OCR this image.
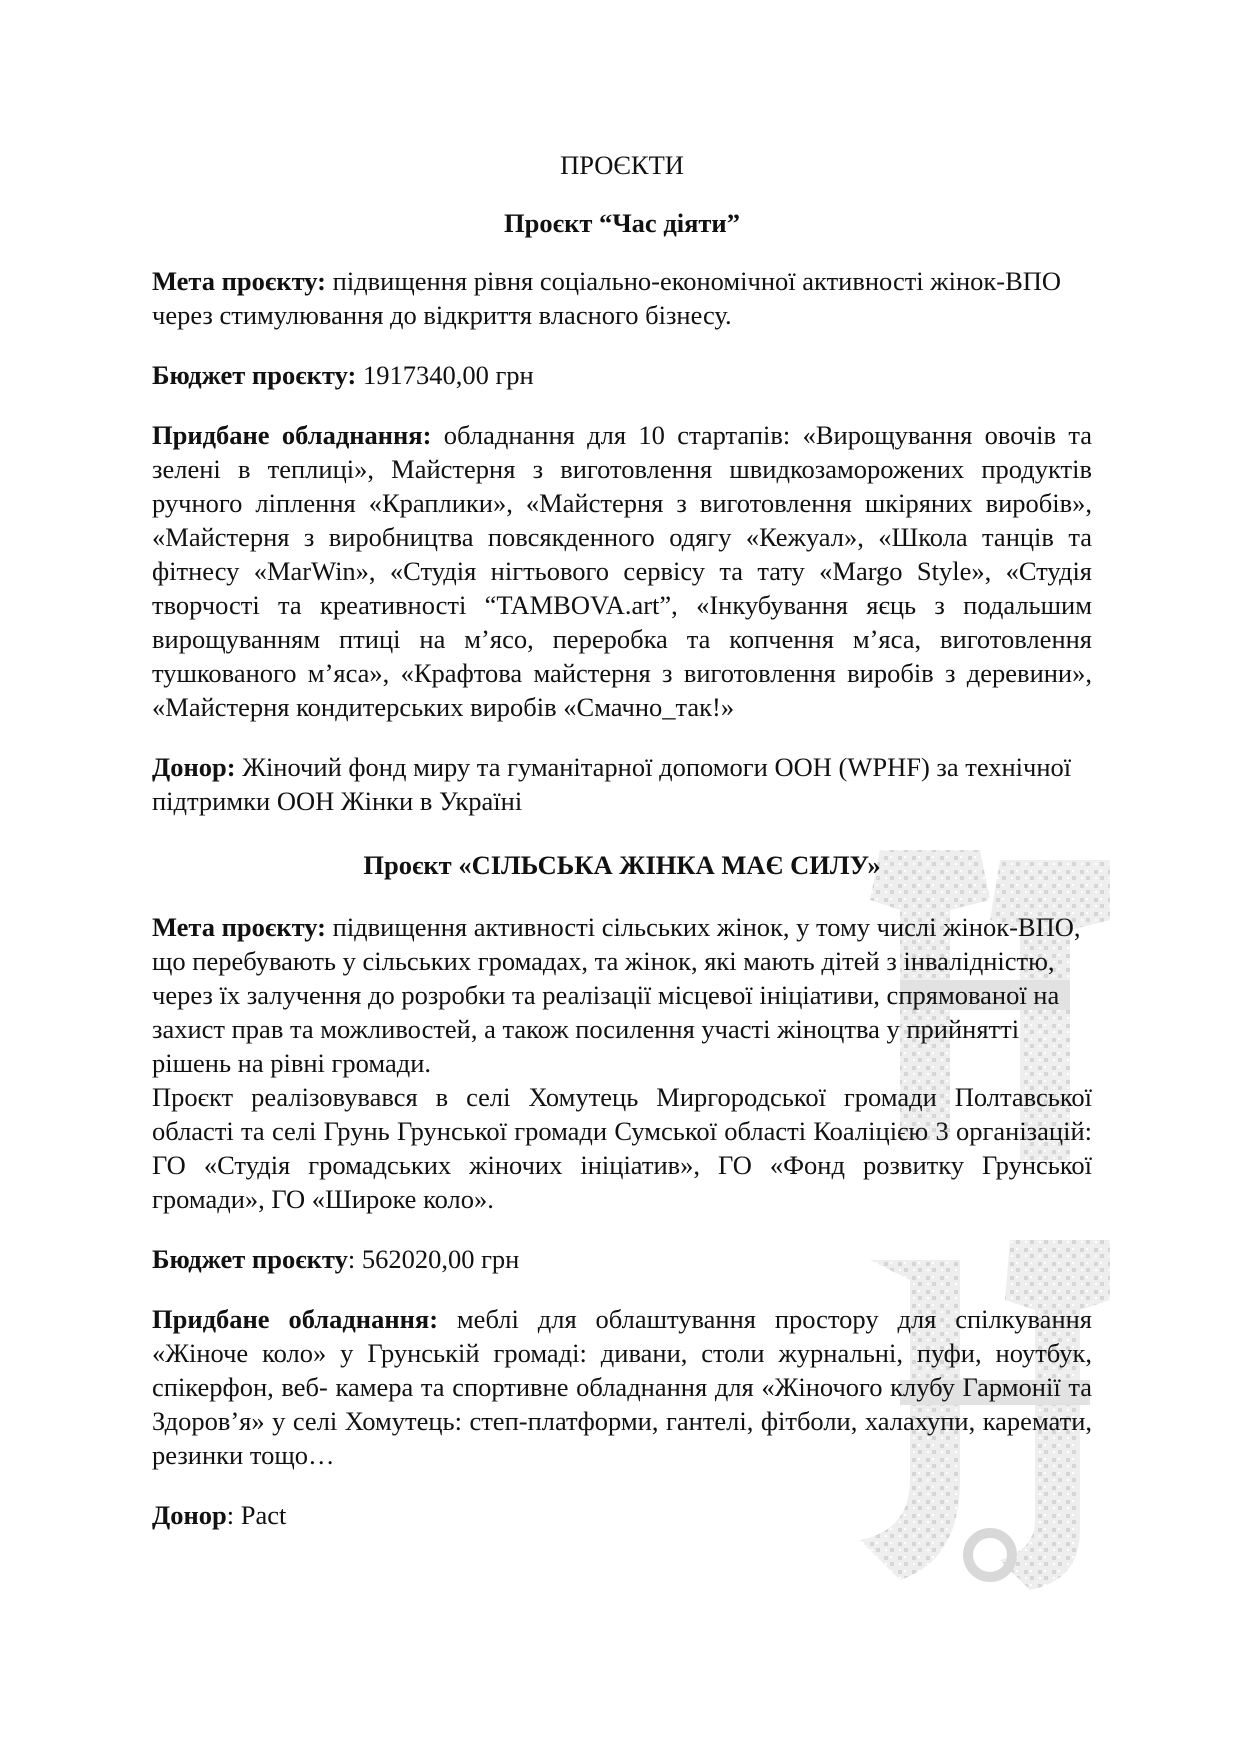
ПРОЄКТИ

Проєкт “Час діяти”

Мета проєкту: підвищення рівня соціально-економічної активності жінок-ВПО через стимулювання до відкриття власного бізнесу.

Бюджет проєкту: 1917340,00 грн

Придбане обладнання: обладнання для 10 стартапів: «Вирощування овочів та зелені в теплиці», Майстерня з виготовлення швидкозаморожених продуктів ручного ліплення «Краплики», «Майстерня з виготовлення шкіряних виробів», «Майстерня з виробництва повсякденного одягу «Кежуал», «Школа танців та фітнесу «MarWin», «Студія нігтьового сервісу та тату «Margo Style», «Студія творчості та креативності “TAMBOVA.art”, «Інкубування яєць з подальшим вирощуванням птиці на м’ясо, переробка та копчення м’яса, виготовлення тушкованого м’яса», «Крафтова майстерня з виготовлення виробів з деревини», «Майстерня кондитерських виробів «Смачно_так!»

Донор: Жіночий фонд миру та гуманітарної допомоги ООН (WPHF) за технічної підтримки ООН Жінки в Україні

Проєкт «СІЛЬСЬКА ЖІНКА МАЄ СИЛУ»

Мета проєкту: підвищення активності сільських жінок, у тому числі жінок-ВПО, що перебувають у сільських громадах, та жінок, які мають дітей з інвалідністю, через їх залучення до розробки та реалізації місцевої ініціативи, спрямованої на захист прав та можливостей, а також посилення участі жіноцтва у прийнятті рішень на рівні громади.

Проєкт реалізовувався в селі Хомутець Миргородської громади Полтавської області та селі Грунь Грунської громади Сумської області Коаліцією 3 організацій: ГО «Студія громадських жіночих ініціатив», ГО «Фонд розвитку Грунської громади», ГО «Широке коло».

Бюджет проєкту: 562020,00 грн

Придбане обладнання: меблі для облаштування простору для спілкування «Жіноче коло» у Грунській громаді: дивани, столи журнальні, пуфи, ноутбук, спікерфон, веб- камера та спортивне обладнання для «Жіночого клубу Гармонії та Здоров’я» у селі Хомутець: степ-платформи, гантелі, фітболи, халахупи, каремати, резинки тощо…

Донор: Pact
